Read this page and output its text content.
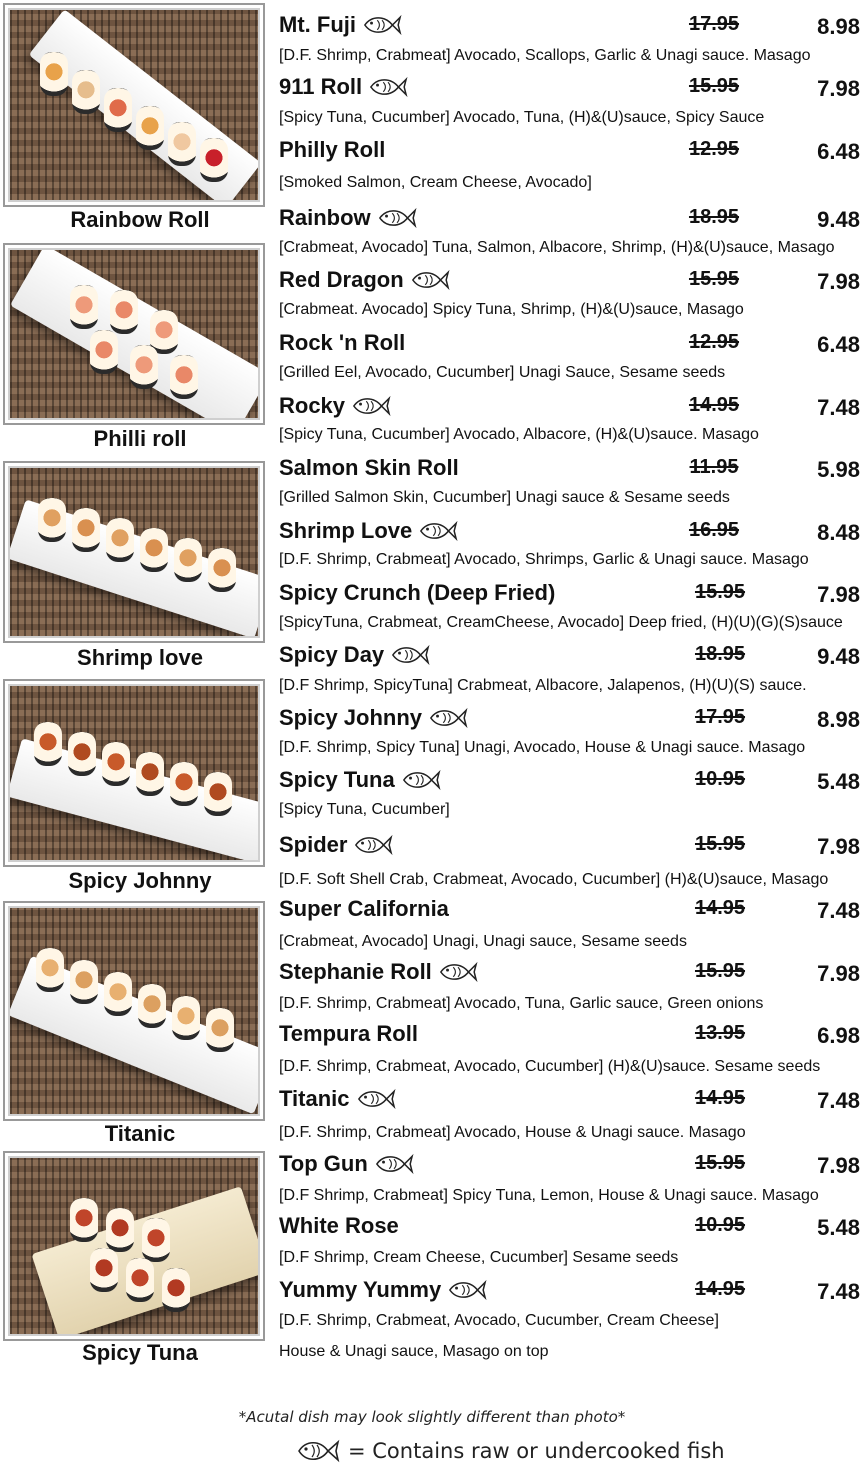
Rainbow Roll
Philli roll
Shrimp love
Spicy Johnny
Titanic
Spicy Tuna
Mt. Fuji	17.95	8.98
[D.F. Shrimp, Crabmeat] Avocado, Scallops, Garlic & Unagi sauce. Masago
911 Roll	15.95	7.98
[Spicy Tuna, Cucumber] Avocado, Tuna, (H)&(U)sauce, Spicy Sauce
Philly Roll	12.95	6.48
[Smoked Salmon, Cream Cheese, Avocado]
Rainbow	18.95	9.48
[Crabmeat, Avocado] Tuna, Salmon, Albacore, Shrimp, (H)&(U)sauce, Masago
Red Dragon	15.95	7.98
[Crabmeat. Avocado] Spicy Tuna, Shrimp, (H)&(U)sauce, Masago
Rock 'n Roll	12.95	6.48
[Grilled Eel, Avocado, Cucumber] Unagi Sauce, Sesame seeds
Rocky	14.95	7.48
[Spicy Tuna, Cucumber] Avocado, Albacore, (H)&(U)sauce. Masago
Salmon Skin Roll	11.95	5.98
[Grilled Salmon Skin, Cucumber] Unagi sauce & Sesame seeds
Shrimp Love	16.95	8.48
[D.F. Shrimp, Crabmeat] Avocado, Shrimps, Garlic & Unagi sauce. Masago
Spicy Crunch (Deep Fried)	15.95	7.98
[SpicyTuna, Crabmeat, CreamCheese, Avocado] Deep fried, (H)(U)(G)(S)sauce
Spicy Day	18.95	9.48
[D.F Shrimp, SpicyTuna] Crabmeat, Albacore, Jalapenos, (H)(U)(S) sauce.
Spicy Johnny	17.95	8.98
[D.F. Shrimp, Spicy Tuna] Unagi, Avocado, House & Unagi sauce. Masago
Spicy Tuna	10.95	5.48
[Spicy Tuna, Cucumber]
Spider	15.95	7.98
[D.F. Soft Shell Crab, Crabmeat, Avocado, Cucumber] (H)&(U)sauce, Masago
Super California	14.95	7.48
[Crabmeat, Avocado] Unagi, Unagi sauce, Sesame seeds
Stephanie Roll	15.95	7.98
[D.F. Shrimp, Crabmeat] Avocado, Tuna, Garlic sauce, Green onions
Tempura Roll	13.95	6.98
[D.F. Shrimp, Crabmeat, Avocado, Cucumber] (H)&(U)sauce. Sesame seeds
Titanic	14.95	7.48
[D.F. Shrimp, Crabmeat] Avocado, House & Unagi sauce. Masago
Top Gun	15.95	7.98
[D.F Shrimp, Crabmeat] Spicy Tuna, Lemon, House & Unagi sauce. Masago
White Rose	10.95	5.48
[D.F Shrimp, Cream Cheese, Cucumber] Sesame seeds
Yummy Yummy	14.95	7.48
[D.F. Shrimp, Crabmeat, Avocado, Cucumber, Cream Cheese]
House & Unagi sauce, Masago on top
*Acutal dish may look slightly different than photo*
= Contains raw or undercooked fish
